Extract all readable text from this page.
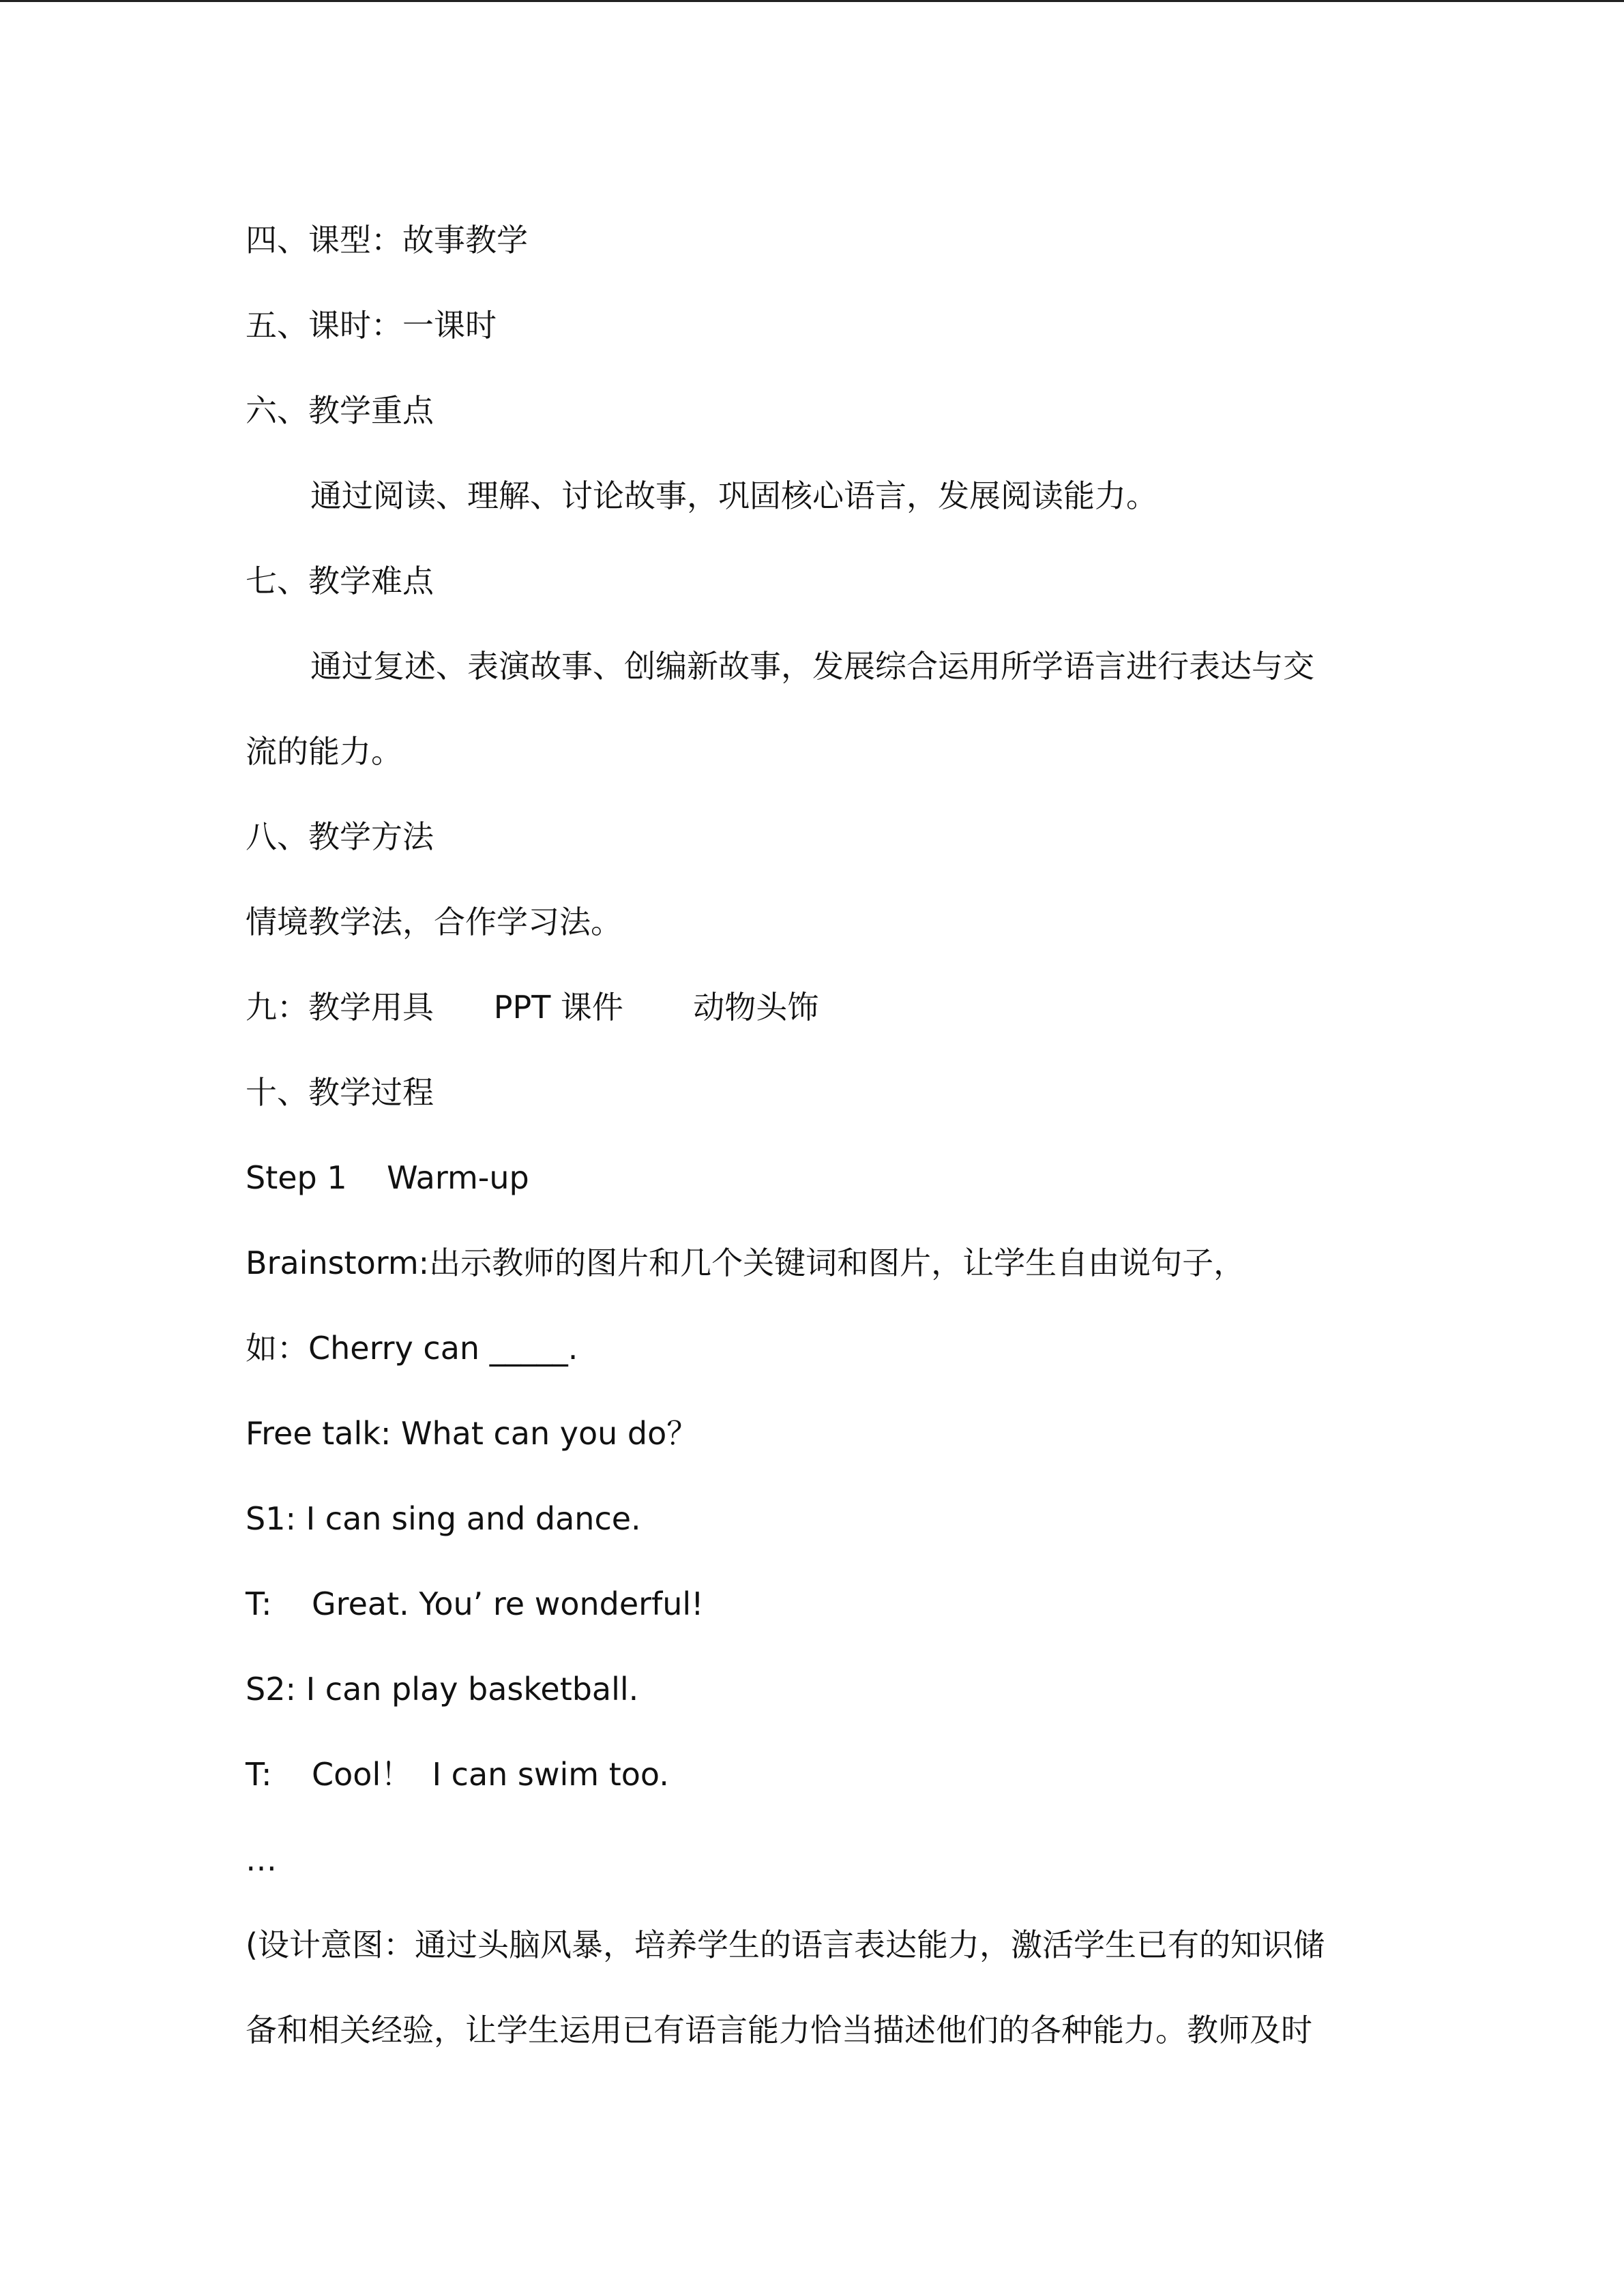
四、课型：故事教学
五、课时：一课时
六、教学重点
通过阅读、理解、讨论故事，巩固核心语言，发展阅读能力。
七、教学难点
通过复述、表演故事、创编新故事，发展综合运用所学语言进行表达与交
流的能力。
八、教学方法
情境教学法，合作学习法。
九：教学用具      PPT 课件       动物头饰
十、教学过程
Step 1    Warm-up
Brainstorm:出示教师的图片和几个关键词和图片，让学生自由说句子，
如：Cherry can _____.
Free talk: What can you do？
S1: I can sing and dance.
T:    Great. You’ re wonderful!
S2: I can play basketball.
T:    Cool！  I can swim too.
…
(设计意图：通过头脑风暴，培养学生的语言表达能力，激活学生已有的知识储
备和相关经验，让学生运用已有语言能力恰当描述他们的各种能力。教师及时
